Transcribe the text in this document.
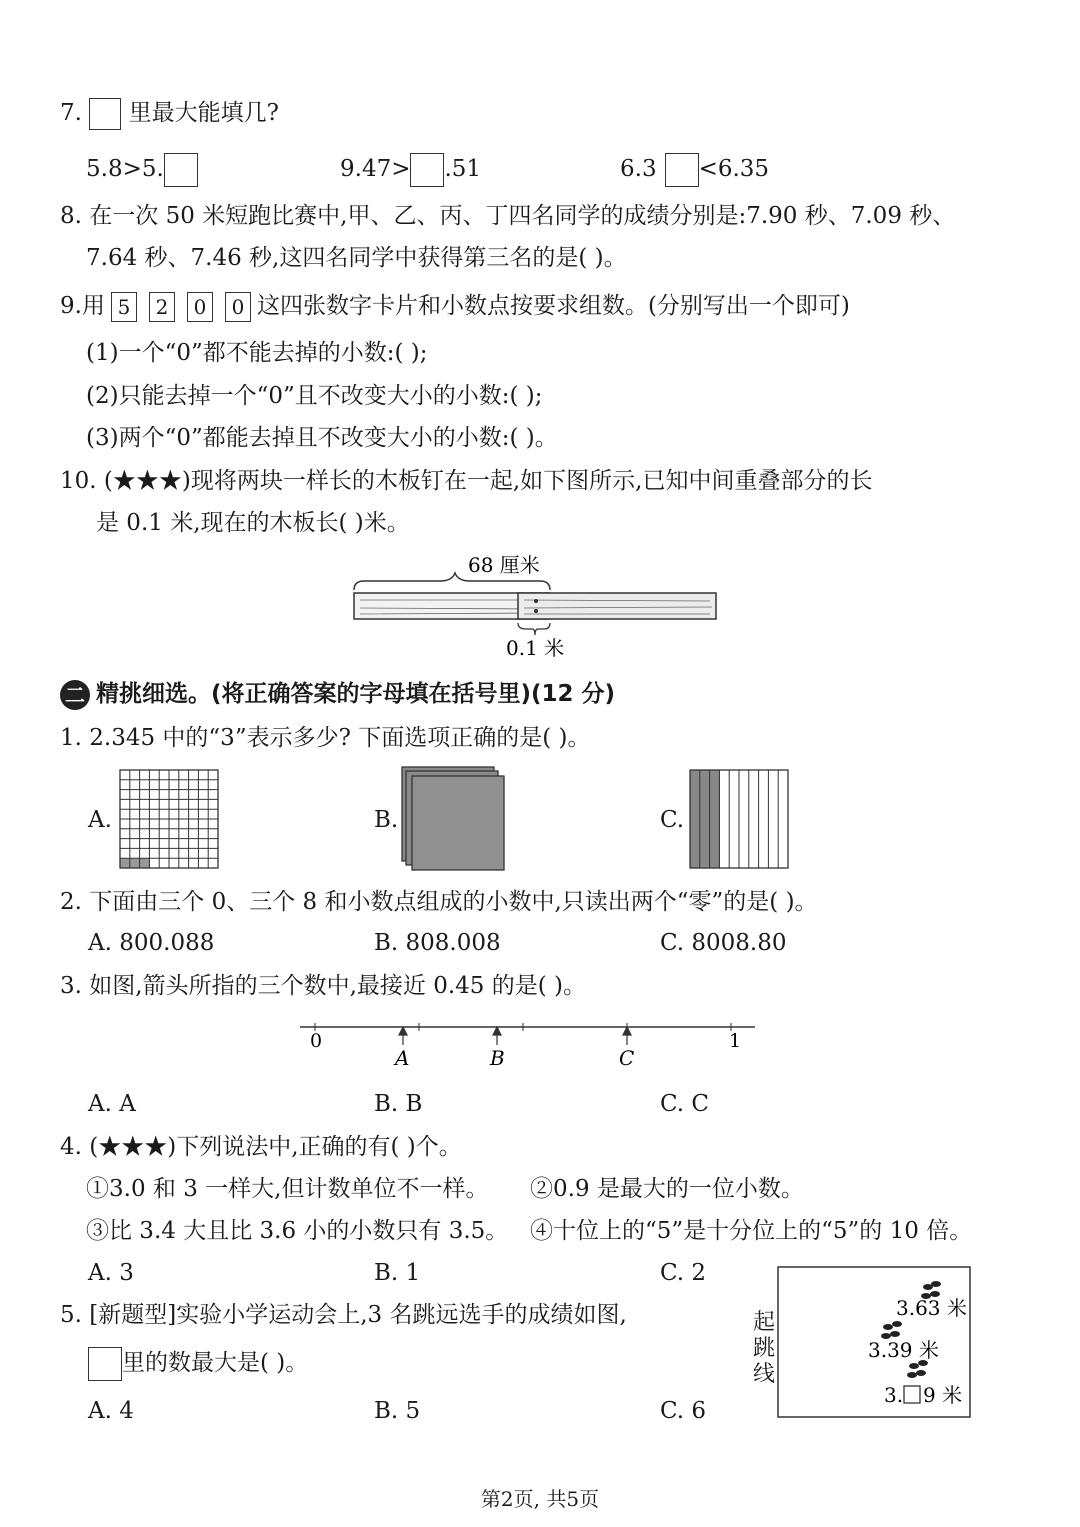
7. 里最大能填几?
5.8>5.	9.47> .51	6.3 <6.35
8. 在一次 50 米短跑比赛中,甲、乙、丙、丁四名同学的成绩分别是:7.90 秒、7.09 秒、
7.64 秒、7.46 秒,这四名同学中获得第三名的是( )。
9.用 5 2 0 0 这四张数字卡片和小数点按要求组数。(分别写出一个即可)
(1)一个“0”都不能去掉的小数:( );
(2)只能去掉一个“0”且不改变大小的小数:( );
(3)两个“0”都能去掉且不改变大小的小数:( )。
10. (★★★)现将两块一样长的木板钉在一起,如下图所示,已知中间重叠部分的长
是 0.1 米,现在的木板长( )米。
68 厘米
0.1 米
二 精挑细选。(将正确答案的字母填在括号里)(12 分)
1. 2.345 中的“3”表示多少? 下面选项正确的是( )。
A.	B.	C.
2. 下面由三个 0、三个 8 和小数点组成的小数中,只读出两个“零”的是( )。
A. 800.088	B. 808.008	C. 8008.80
3. 如图,箭头所指的三个数中,最接近 0.45 的是( )。
0	1
A	B	C
A. A	B. B	C. C
4. (★★★)下列说法中,正确的有( )个。
①3.0 和 3 一样大,但计数单位不一样。 ②0.9 是最大的一位小数。
③比 3.4 大且比 3.6 小的小数只有 3.5。 ④十位上的“5”是十分位上的“5”的 10 倍。
A. 3	B. 1	C. 2
5. [新题型]实验小学运动会上,3 名跳远选手的成绩如图,
里的数最大是( )。
A. 4	B. 5	C. 6
起
跳
线
3.63 米
3.39 米
3. 9 米
第2页, 共5页
